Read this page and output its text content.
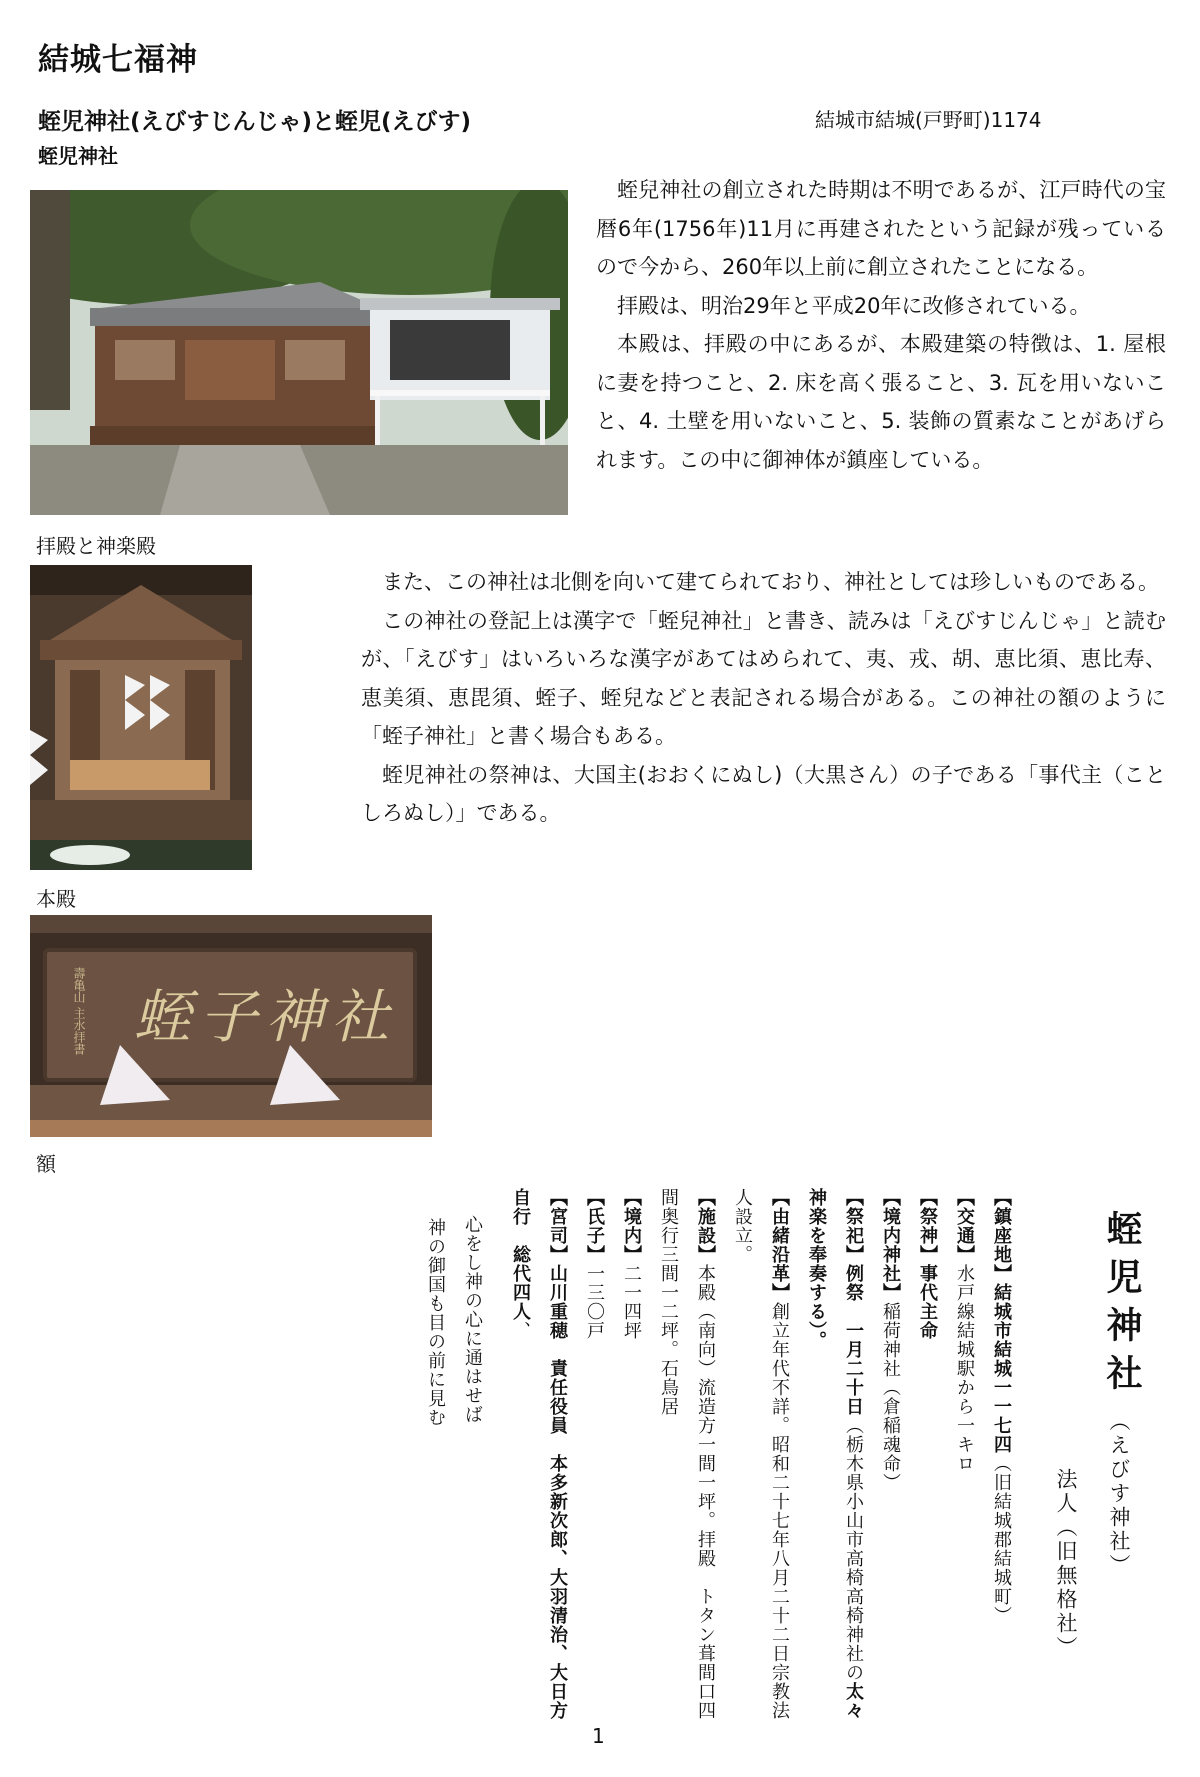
結城七福神
蛭児神社(えびすじんじゃ)と蛭児(えびす)	結城市結城(戸野町)1174
蛭児神社
拝殿と神楽殿
本殿
蛭子神社
壽亀山 主水拝書
額

蛭兒神社の創立された時期は不明であるが、江戸時代の宝暦6年(1756年)11月に再建されたという記録が残っているので今から、260年以上前に創立されたことになる。

拝殿は、明治29年と平成20年に改修されている。

本殿は、拝殿の中にあるが、本殿建築の特徴は、1. 屋根に妻を持つこと、2. 床を高く張ること、3. 瓦を用いないこと、4. 土壁を用いないこと、5. 装飾の質素なことがあげられます。この中に御神体が鎮座している。

また、この神社は北側を向いて建てられており、神社としては珍しいものである。

この神社の登記上は漢字で「蛭兒神社」と書き、読みは「えびすじんじゃ」と読むが、「えびす」はいろいろな漢字があてはめられて、夷、戎、胡、恵比須、恵比寿、恵美須、恵毘須、蛭子、蛭兒などと表記される場合がある。この神社の額のように「蛭子神社」と書く場合もある。

蛭児神社の祭神は、大国主(おおくにぬし)（大黒さん）の子である「事代主（ことしろぬし）」である。

蛭児神社
（えびす神社）
法人（旧無格社）
【鎮座地】結城市結城一一七四（旧結城郡結城町）
【交通】水戸線結城駅から一キロ
【祭神】事代主命
【境内神社】稲荷神社（倉稲魂命）
【祭祀】例祭　一月二十日（栃木県小山市高椅高椅神社の太々
神楽を奉奏する）。
【由緒沿革】創立年代不詳。昭和二十七年八月二十二日宗教法
人設立。
【施設】本殿（南向）流造方一間一坪。拝殿　トタン葺間口四
間奥行三間一二坪。石鳥居
【境内】二一四坪
【氏子】一三〇戸
【宮司】山川重穂　責任役員　本多新次郎、大羽清治、大日方
自行　総代四人、
心をし神の心に通はせば
神の御国も目の前に見む
1
